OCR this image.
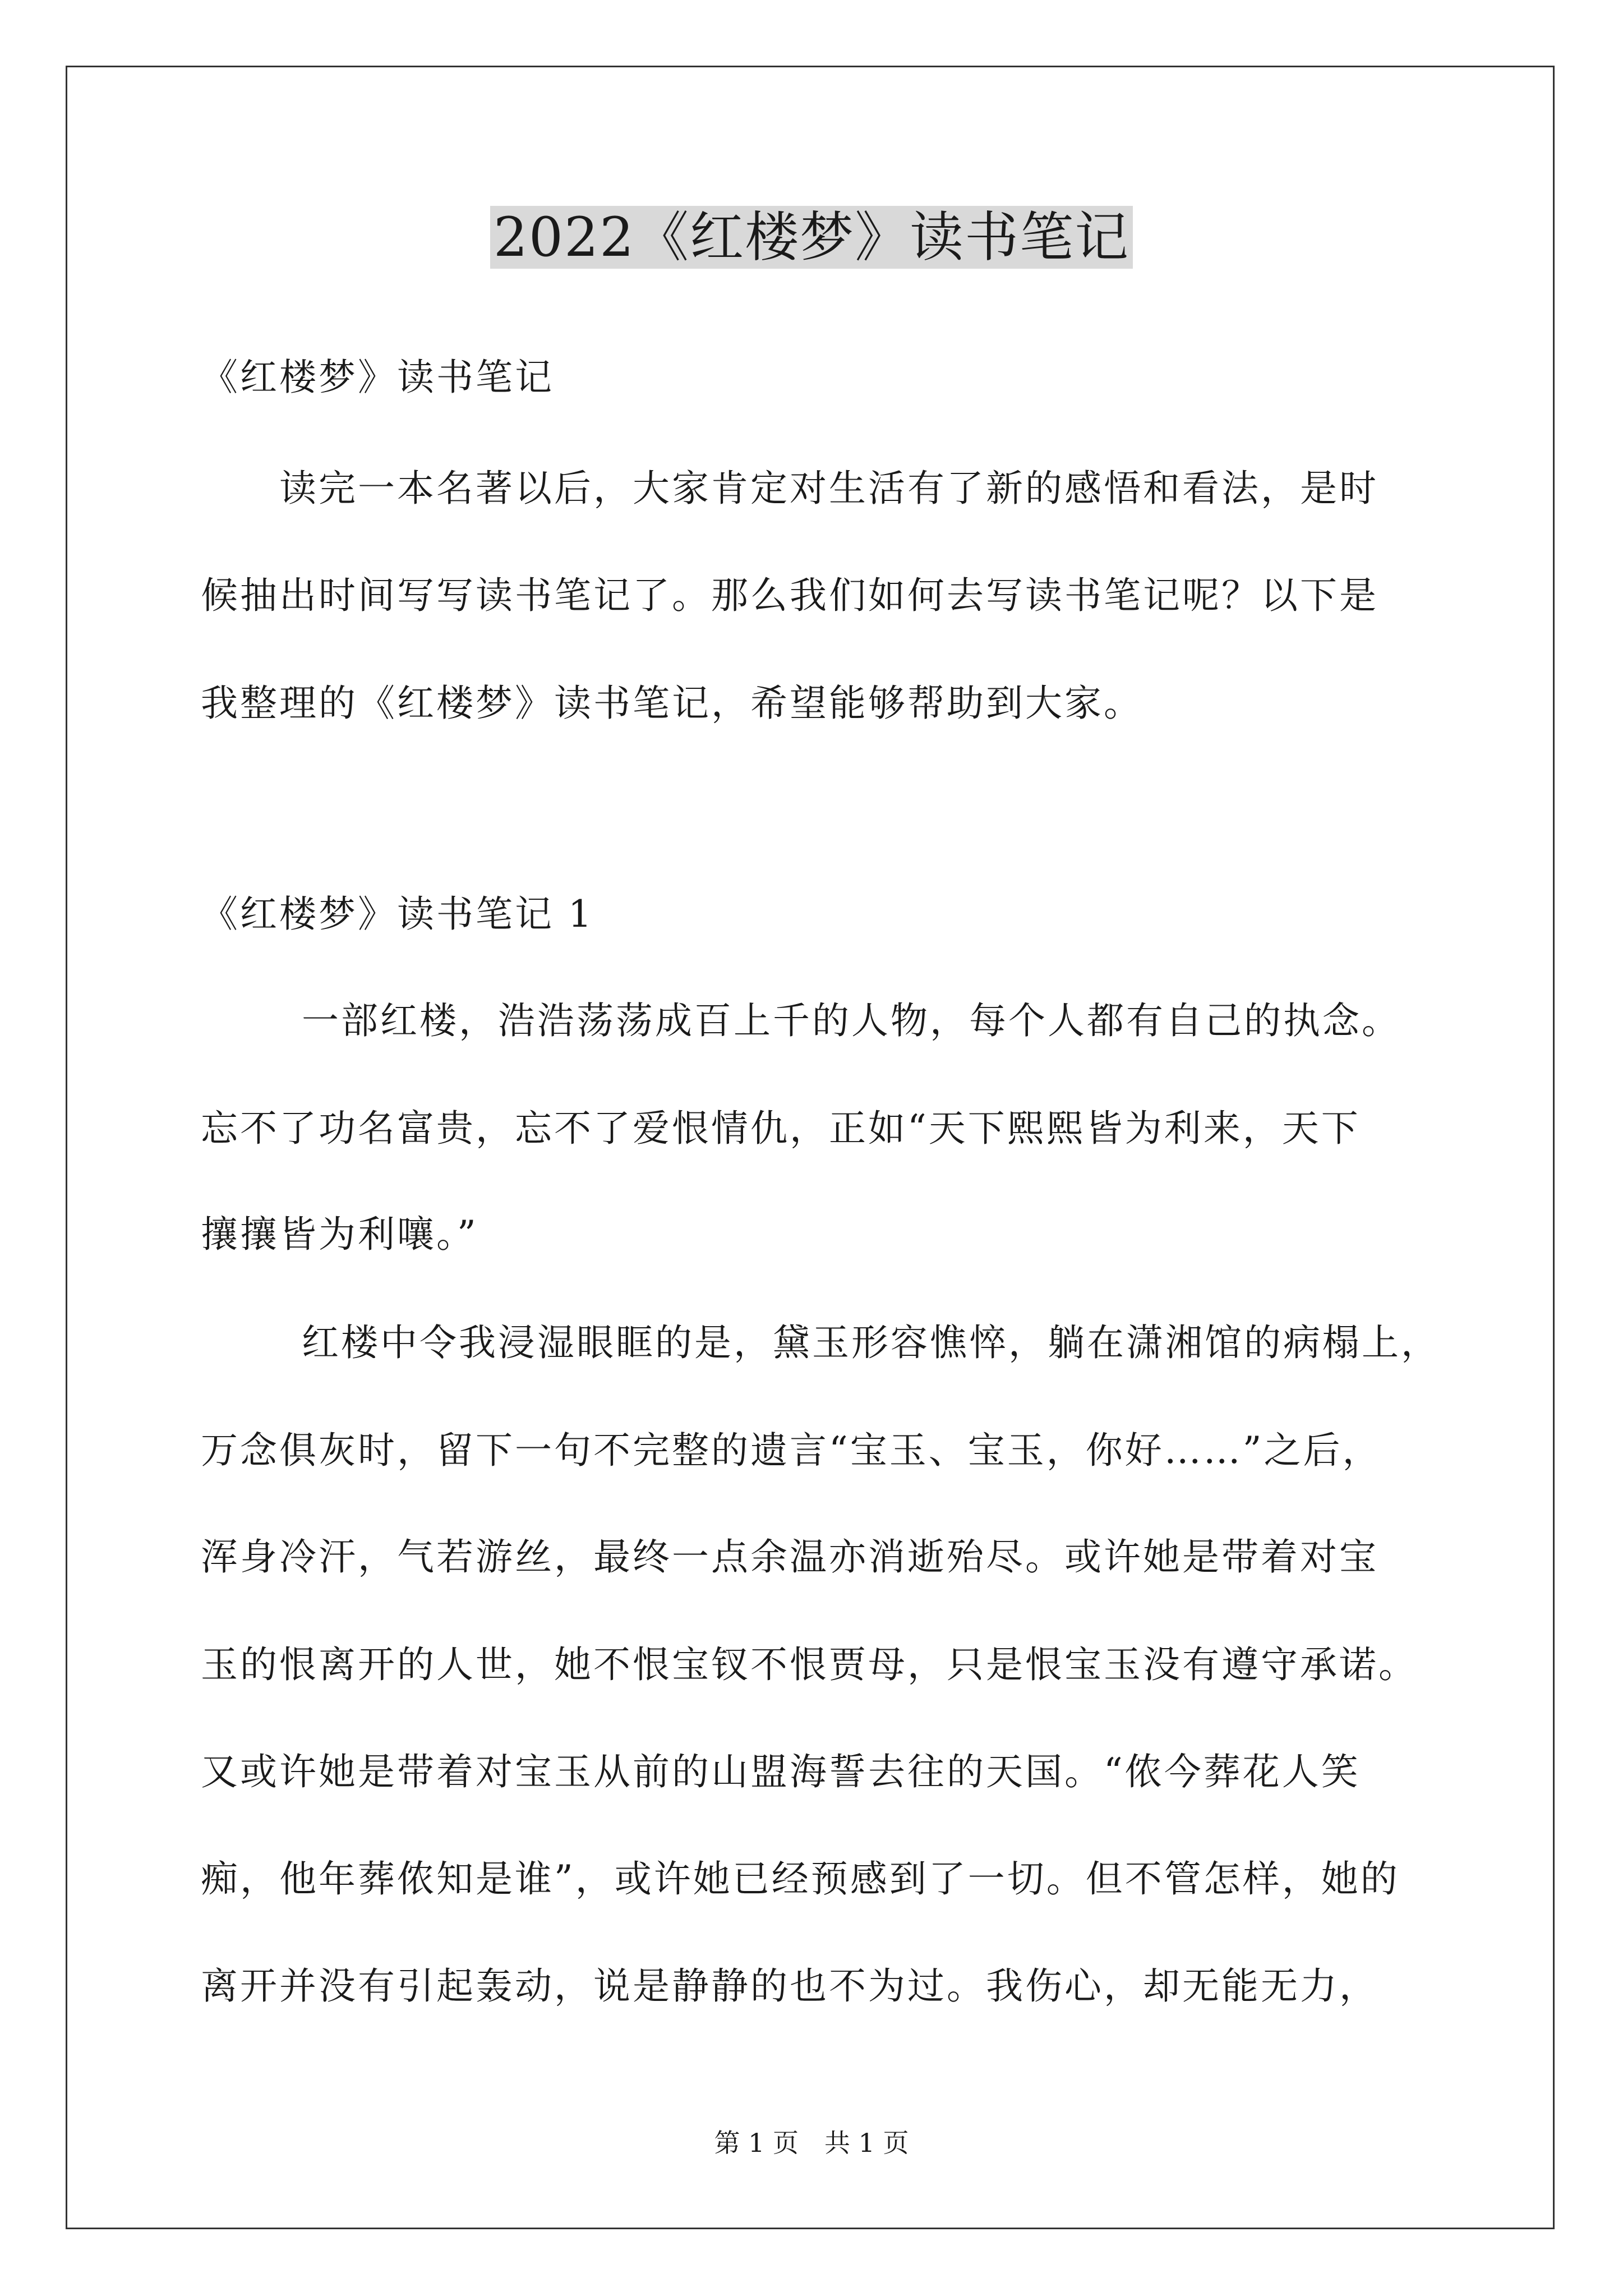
2022《红楼梦》读书笔记
《红楼梦》读书笔记
读完一本名著以后，大家肯定对生活有了新的感悟和看法，是时
候抽出时间写写读书笔记了。那么我们如何去写读书笔记呢？以下是
我整理的《红楼梦》读书笔记，希望能够帮助到大家。
《红楼梦》读书笔记 1
一部红楼，浩浩荡荡成百上千的人物，每个人都有自己的执念。
忘不了功名富贵，忘不了爱恨情仇，正如“天下熙熙皆为利来，天下
攘攘皆为利嚷。”
红楼中令我浸湿眼眶的是，黛玉形容憔悴，躺在潇湘馆的病榻上，
万念俱灰时，留下一句不完整的遗言“宝玉、宝玉，你好……”之后，
浑身冷汗，气若游丝，最终一点余温亦消逝殆尽。或许她是带着对宝
玉的恨离开的人世，她不恨宝钗不恨贾母，只是恨宝玉没有遵守承诺。
又或许她是带着对宝玉从前的山盟海誓去往的天国。“侬今葬花人笑
痴，他年葬侬知是谁”，或许她已经预感到了一切。但不管怎样，她的
离开并没有引起轰动，说是静静的也不为过。我伤心，却无能无力，
第 1 页　共 1 页
